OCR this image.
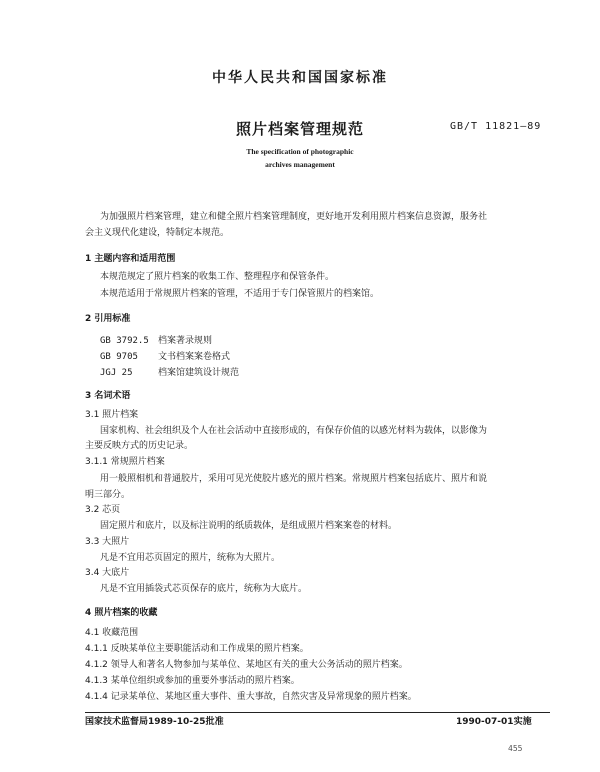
中华人民共和国国家标准
照片档案管理规范	GB/T 11821—89
The specification of photographic
archives management
为加强照片档案管理，建立和健全照片档案管理制度，更好地开发利用照片档案信息资源，服务社
会主义现代化建设，特制定本规范。
1 主题内容和适用范围
本规范规定了照片档案的收集工作、整理程序和保管条件。
本规范适用于常规照片档案的管理，不适用于专门保管照片的档案馆。
2 引用标准
GB 3792.5 档案著录规则
GB 9705 文书档案案卷格式
JGJ 25	档案馆建筑设计规范
3 名词术语
3.1 照片档案
国家机构、社会组织及个人在社会活动中直接形成的，有保存价值的以感光材料为载体，以影像为
主要反映方式的历史记录。
3.1.1 常规照片档案
用一般照相机和普通胶片，采用可见光使胶片感光的照片档案。常规照片档案包括底片、照片和说
明三部分。
3.2 芯页
固定照片和底片，以及标注说明的纸质载体，是组成照片档案案卷的材料。
3.3 大照片
凡是不宜用芯页固定的照片，统称为大照片。
3.4 大底片
凡是不宜用插袋式芯页保存的底片，统称为大底片。
4 照片档案的收藏
4.1 收藏范围
4.1.1 反映某单位主要职能活动和工作成果的照片档案。
4.1.2 领导人和著名人物参加与某单位、某地区有关的重大公务活动的照片档案。
4.1.3 某单位组织或参加的重要外事活动的照片档案。
4.1.4 记录某单位、某地区重大事件、重大事故，自然灾害及异常现象的照片档案。
国家技术监督局1989-10-25批准	1990-07-01实施
455
